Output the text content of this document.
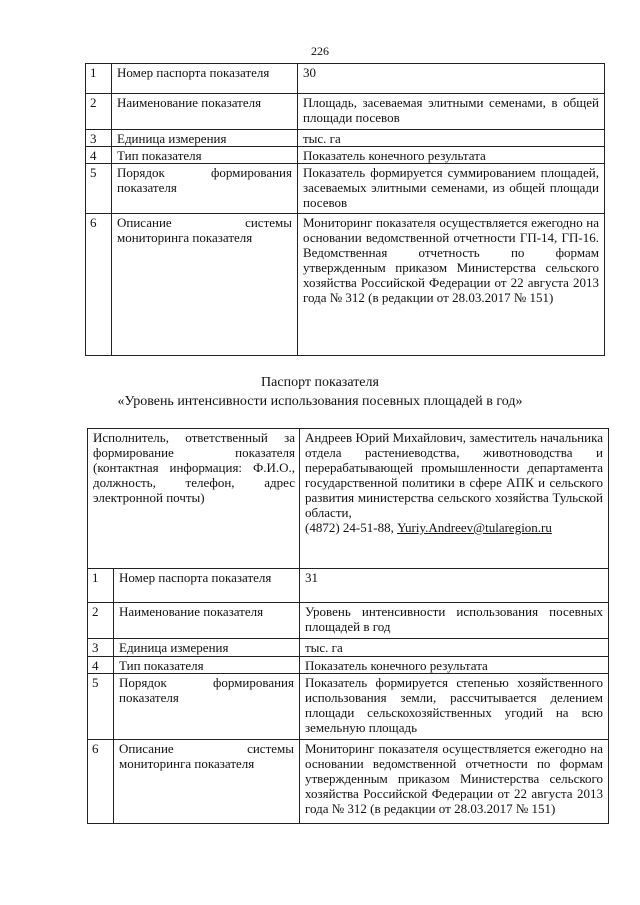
226
1	Номер паспорта показателя	30
2	Наименование показателя	Площадь, засеваемая элитными семенами, в общей площади посевов
3	Единица измерения	тыс. га
4	Тип показателя	Показатель конечного результата
5	Порядок формирования показателя	Показатель формируется суммированием площадей, засеваемых элитными семенами, из общей площади посевов
6	Описание системы мониторинга показателя	Мониторинг показателя осуществляется ежегодно на основании ведомственной отчетности ГП-14, ГП-16. Ведомственная отчетность по формам утвержденным приказом Министерства сельского хозяйства Российской Федерации от 22 августа 2013 года № 312 (в редакции от 28.03.2017 № 151)
Паспорт показателя
«Уровень интенсивности использования посевных площадей в год»
Исполнитель, ответственный за формирование показателя (контактная информация: Ф.И.О., должность, телефон, адрес электронной почты)		Андреев Юрий Михайлович, заместитель начальника отдела растениеводства, животноводства и перерабатывающей промышленности департамента государственной политики в сфере АПК и сельского развития министерства сельского хозяйства Тульской области,
(4872) 24-51-88, Yuriy.Andreev@tularegion.ru
1	Номер паспорта показателя	31
2	Наименование показателя	Уровень интенсивности использования посевных площадей в год
3	Единица измерения	тыс. га
4	Тип показателя	Показатель конечного результата
5	Порядок формирования показателя	Показатель формируется степенью хозяйственного использования земли, рассчитывается делением площади сельскохозяйственных угодий на всю земельную площадь
6	Описание системы мониторинга показателя	Мониторинг показателя осуществляется ежегодно на основании ведомственной отчетности по формам утвержденным приказом Министерства сельского хозяйства Российской Федерации от 22 августа 2013 года № 312 (в редакции от 28.03.2017 № 151)
